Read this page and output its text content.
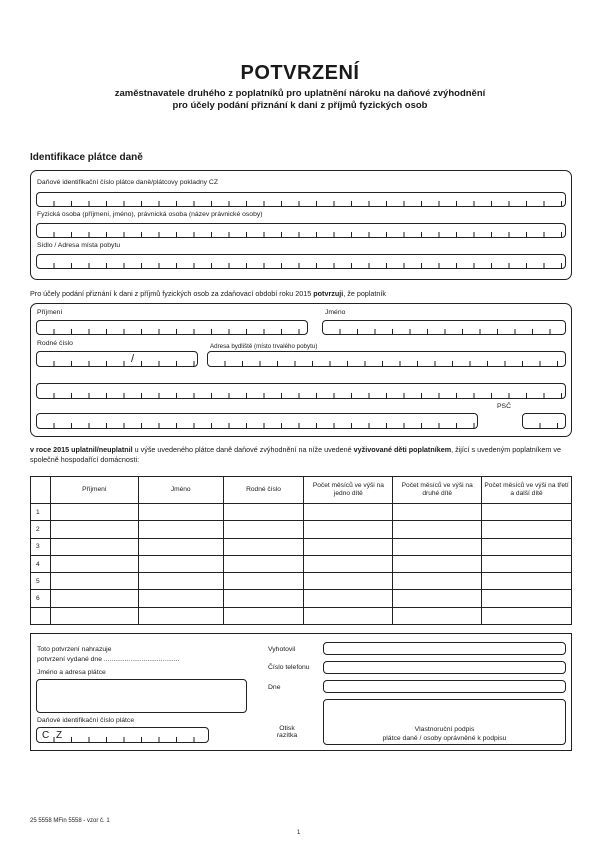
POTVRZENÍ
zaměstnavatele druhého z poplatníků pro uplatnění nároku na daňové zvýhodnění
pro účely podání přiznání k dani z příjmů fyzických osob
Identifikace plátce daně
Daňové identifikační číslo plátce daně/plátcovy pokladny CZ
Fyzická osoba (příjmení, jméno), právnická osoba (název právnické osoby)
Sídlo / Adresa místa pobytu
Pro účely podání přiznání k dani z příjmů fyzických osob za zdaňovací období roku 2015 potvrzuji, že poplatník
Příjmení	Jméno
Rodné číslo
/
Adresa bydliště (místo trvalého pobytu)
PSČ
v roce 2015 uplatnil/neuplatnil u výše uvedeného plátce daně daňové zvýhodnění na níže uvedené vyživované děti poplatníkem, žijící s uvedeným poplatníkem ve společně hospodařící domácnosti:
	Příjmení	Jméno	Rodné číslo	Počet měsíců ve výši na jedno dítě	Počet měsíců ve výši na druhé dítě	Počet měsíců ve výši na třetí a další dítě
1						
2						
3						
4						
5						
6						

Toto potvrzení nahrazuje
potvrzení vydané dne ........................................
Jméno a adresa plátce
Daňové identifikační číslo plátce
C Z
Vyhotovil
Číslo telefonu
Dne
Otisk
razítka
Vlastnoruční podpis
plátce daně / osoby oprávněné k podpisu
25 5558 MFin 5558 - vzor č. 1
1
